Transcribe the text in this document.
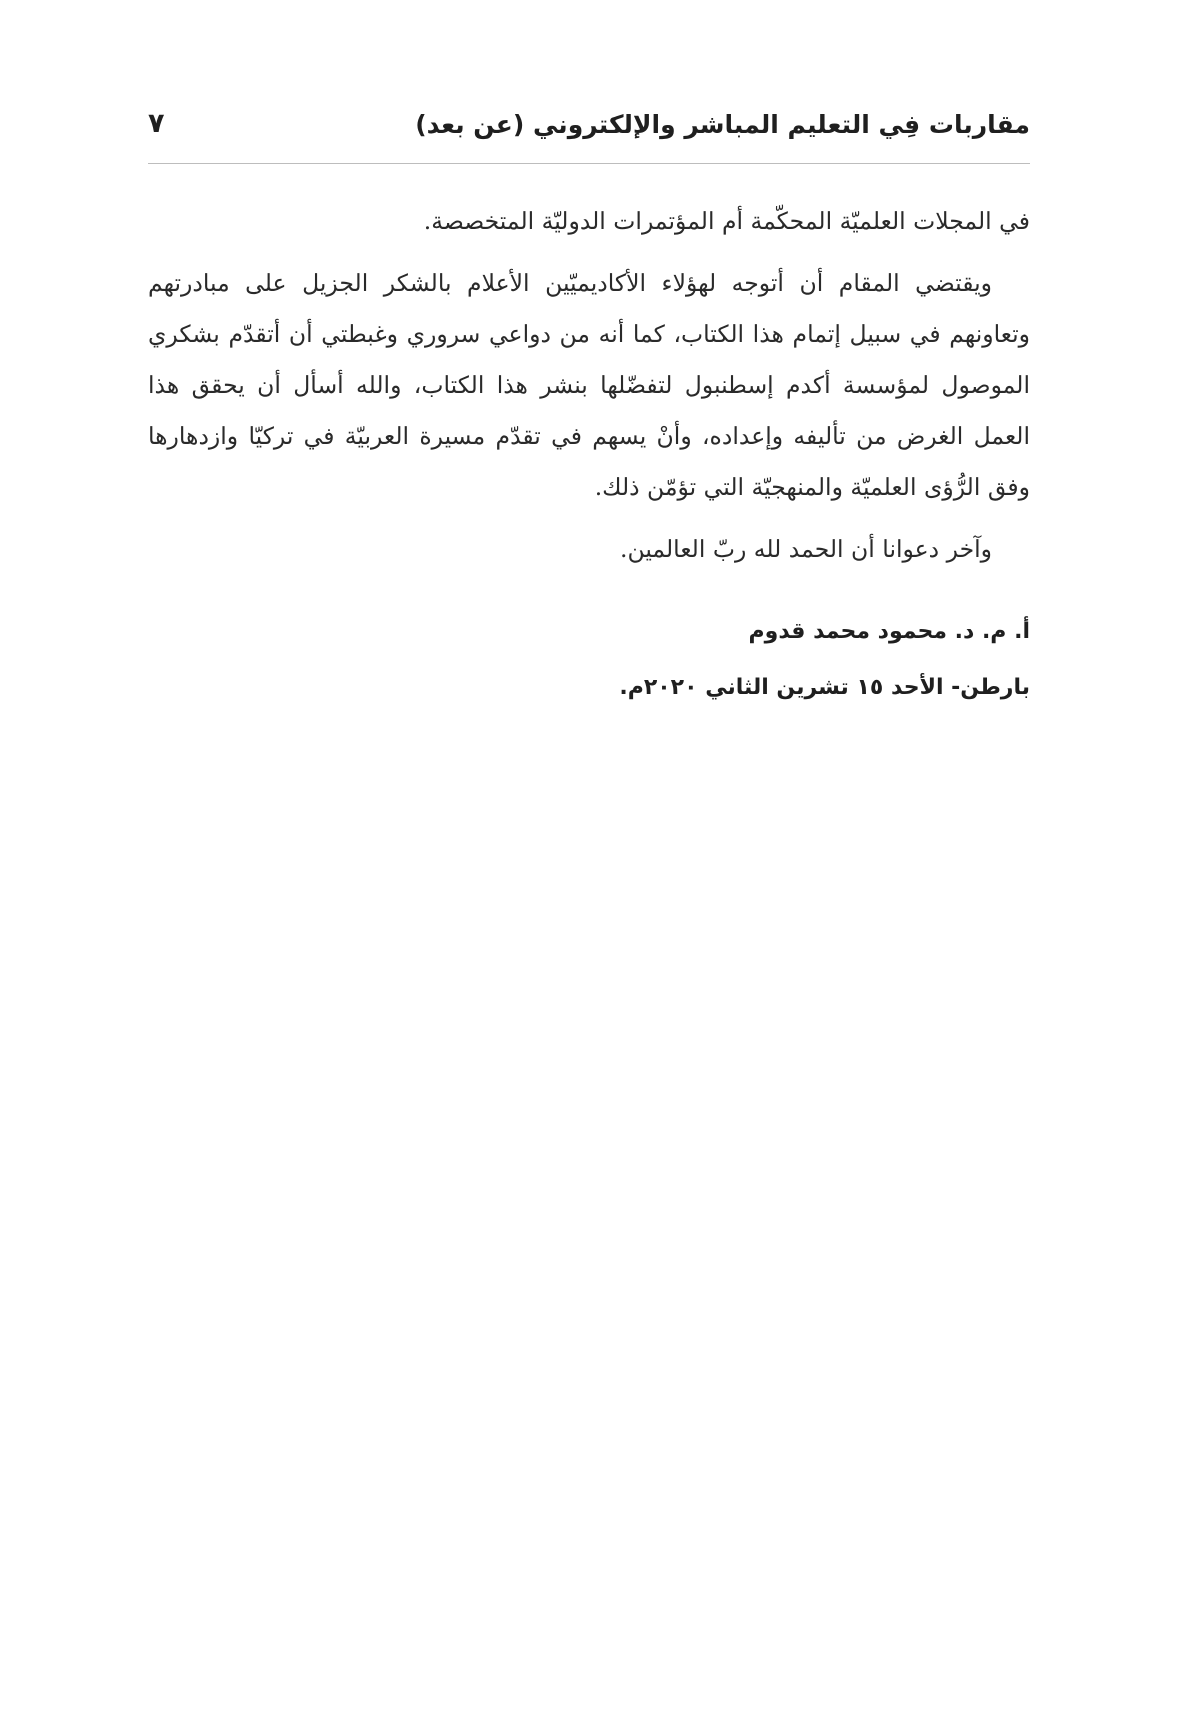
مقاربات فِي التعليم المباشر والإلكتروني (عن بعد)
٧

في المجلات العلميّة المحكّمة أم المؤتمرات الدوليّة المتخصصة.

ويقتضي المقام أن أتوجه لهؤلاء الأكاديميّين الأعلام بالشكر الجزيل على مبادرتهم وتعاونهم في سبيل إتمام هذا الكتاب، كما أنه من دواعي سروري وغبطتي أن أتقدّم بشكري الموصول لمؤسسة أكدم إسطنبول لتفضّلها بنشر هذا الكتاب، والله أسأل أن يحقق هذا العمل الغرض من تأليفه وإعداده، وأنْ يسهم في تقدّم مسيرة العربيّة في تركيّا وازدهارها وفق الرُّؤى العلميّة والمنهجيّة التي تؤمّن ذلك.

وآخر دعوانا أن الحمد لله ربّ العالمين.

أ. م. د. محمود محمد قدوم
بارطن- الأحد ١٥ تشرين الثاني ٢٠٢٠م.
